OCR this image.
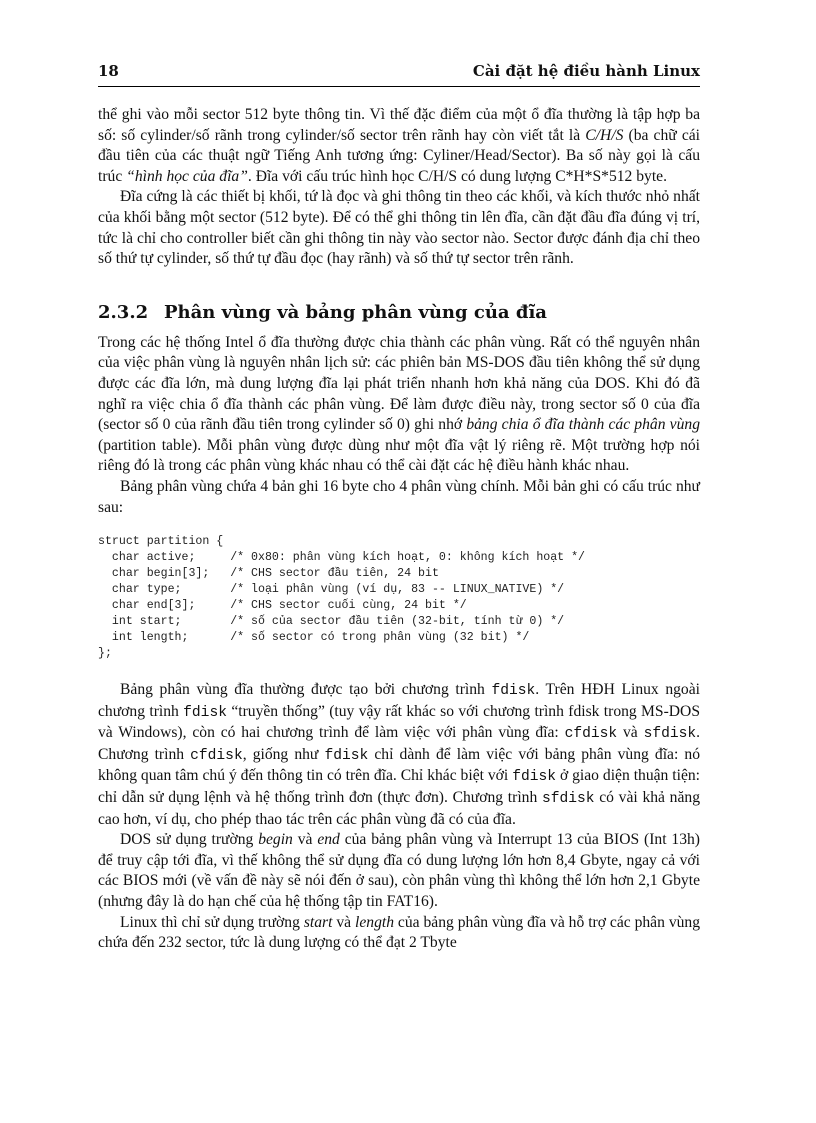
18	Cài đặt hệ điều hành Linux

thể ghi vào mỗi sector 512 byte thông tin. Vì thế đặc điểm của một ổ đĩa thường là tập hợp ba số: số cylinder/số rãnh trong cylinder/số sector trên rãnh hay còn viết tắt là C/H/S (ba chữ cái đầu tiên của các thuật ngữ Tiếng Anh tương ứng: Cyliner/Head/Sector). Ba số này gọi là cấu trúc “hình học của đĩa”. Đĩa với cấu trúc hình học C/H/S có dung lượng C*H*S*512 byte.

Đĩa cứng là các thiết bị khối, tứ là đọc và ghi thông tin theo các khối, và kích thước nhỏ nhất của khối bằng một sector (512 byte). Để có thể ghi thông tin lên đĩa, cần đặt đầu đĩa đúng vị trí, tức là chỉ cho controller biết cần ghi thông tin này vào sector nào. Sector được đánh địa chỉ theo số thứ tự cylinder, số thứ tự đầu đọc (hay rãnh) và số thứ tự sector trên rãnh.

2.3.2 Phân vùng và bảng phân vùng của đĩa

Trong các hệ thống Intel ổ đĩa thường được chia thành các phân vùng. Rất có thể nguyên nhân của việc phân vùng là nguyên nhân lịch sử: các phiên bản MS-DOS đầu tiên không thể sử dụng được các đĩa lớn, mà dung lượng đĩa lại phát triển nhanh hơn khả năng của DOS. Khi đó đã nghĩ ra việc chia ổ đĩa thành các phân vùng. Để làm được điều này, trong sector số 0 của đĩa (sector số 0 của rãnh đầu tiên trong cylinder số 0) ghi nhớ bảng chia ổ đĩa thành các phân vùng (partition table). Mỗi phân vùng được dùng như một đĩa vật lý riêng rẽ. Một trường hợp nói riêng đó là trong các phân vùng khác nhau có thể cài đặt các hệ điều hành khác nhau.

Bảng phân vùng chứa 4 bản ghi 16 byte cho 4 phân vùng chính. Mỗi bản ghi có cấu trúc như sau:

struct partition {
char active;     /* 0x80: phân vùng kích hoạt, 0: không kích hoạt */
char begin[3];   /* CHS sector đầu tiên, 24 bit
char type;       /* loại phân vùng (ví dụ, 83 -- LINUX_NATIVE) */
char end[3];     /* CHS sector cuối cùng, 24 bit */
int start;       /* số của sector đầu tiên (32-bit, tính từ 0) */
int length;      /* số sector có trong phân vùng (32 bit) */
};

Bảng phân vùng đĩa thường được tạo bởi chương trình fdisk. Trên HĐH Linux ngoài chương trình fdisk “truyền thống” (tuy vậy rất khác so với chương trình fdisk trong MS-DOS và Windows), còn có hai chương trình để làm việc với phân vùng đĩa: cfdisk và sfdisk. Chương trình cfdisk, giống như fdisk chỉ dành để làm việc với bảng phân vùng đĩa: nó không quan tâm chú ý đến thông tin có trên đĩa. Chỉ khác biệt với fdisk ở giao diện thuận tiện: chỉ dẫn sử dụng lệnh và hệ thống trình đơn (thực đơn). Chương trình sfdisk có vài khả năng cao hơn, ví dụ, cho phép thao tác trên các phân vùng đã có của đĩa.

DOS sử dụng trường begin và end của bảng phân vùng và Interrupt 13 của BIOS (Int 13h) để truy cập tới đĩa, vì thế không thể sử dụng đĩa có dung lượng lớn hơn 8,4 Gbyte, ngay cả với các BIOS mới (về vấn đề này sẽ nói đến ở sau), còn phân vùng thì không thể lớn hơn 2,1 Gbyte (nhưng đây là do hạn chế của hệ thống tập tin FAT16).

Linux thì chỉ sử dụng trường start và length của bảng phân vùng đĩa và hỗ trợ các phân vùng chứa đến 232 sector, tức là dung lượng có thể đạt 2 Tbyte
